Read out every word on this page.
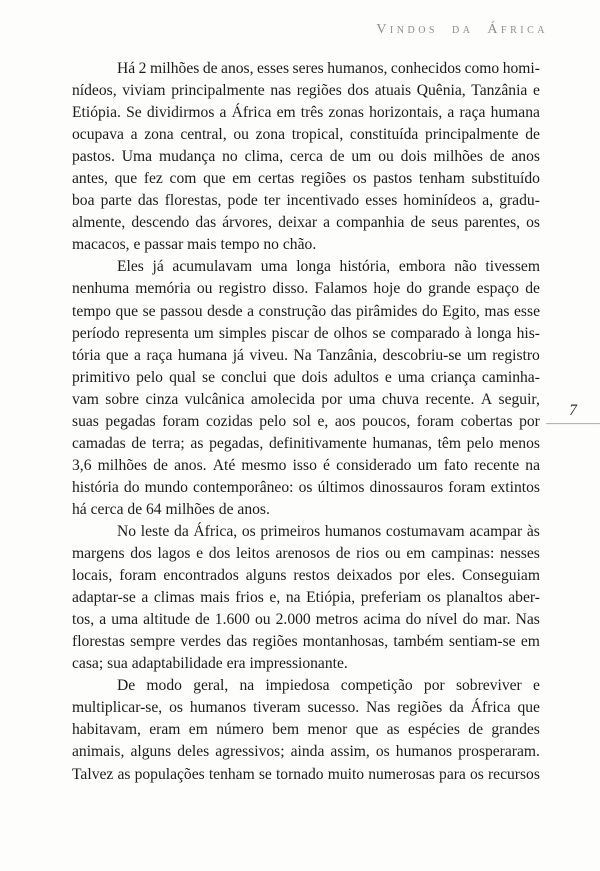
Vindos da África
7
Há 2 milhões de anos, esses seres humanos, conhecidos como homi-
nídeos, viviam principalmente nas regiões dos atuais Quênia, Tanzânia e
Etiópia. Se dividirmos a África em três zonas horizontais, a raça humana
ocupava a zona central, ou zona tropical, constituída principalmente de
pastos. Uma mudança no clima, cerca de um ou dois milhões de anos
antes, que fez com que em certas regiões os pastos tenham substituído
boa parte das florestas, pode ter incentivado esses hominídeos a, gradu-
almente, descendo das árvores, deixar a companhia de seus parentes, os
macacos, e passar mais tempo no chão.
Eles já acumulavam uma longa história, embora não tivessem
nenhuma memória ou registro disso. Falamos hoje do grande espaço de
tempo que se passou desde a construção das pirâmides do Egito, mas esse
período representa um simples piscar de olhos se comparado à longa his-
tória que a raça humana já viveu. Na Tanzânia, descobriu-se um registro
primitivo pelo qual se conclui que dois adultos e uma criança caminha-
vam sobre cinza vulcânica amolecida por uma chuva recente. A seguir,
suas pegadas foram cozidas pelo sol e, aos poucos, foram cobertas por
camadas de terra; as pegadas, definitivamente humanas, têm pelo menos
3,6 milhões de anos. Até mesmo isso é considerado um fato recente na
história do mundo contemporâneo: os últimos dinossauros foram extintos
há cerca de 64 milhões de anos.
No leste da África, os primeiros humanos costumavam acampar às
margens dos lagos e dos leitos arenosos de rios ou em campinas: nesses
locais, foram encontrados alguns restos deixados por eles. Conseguiam
adaptar-se a climas mais frios e, na Etiópia, preferiam os planaltos aber-
tos, a uma altitude de 1.600 ou 2.000 metros acima do nível do mar. Nas
florestas sempre verdes das regiões montanhosas, também sentiam-se em
casa; sua adaptabilidade era impressionante.
De modo geral, na impiedosa competição por sobreviver e
multiplicar-se, os humanos tiveram sucesso. Nas regiões da África que
habitavam, eram em número bem menor que as espécies de grandes
animais, alguns deles agressivos; ainda assim, os humanos prosperaram.
Talvez as populações tenham se tornado muito numerosas para os recursos
